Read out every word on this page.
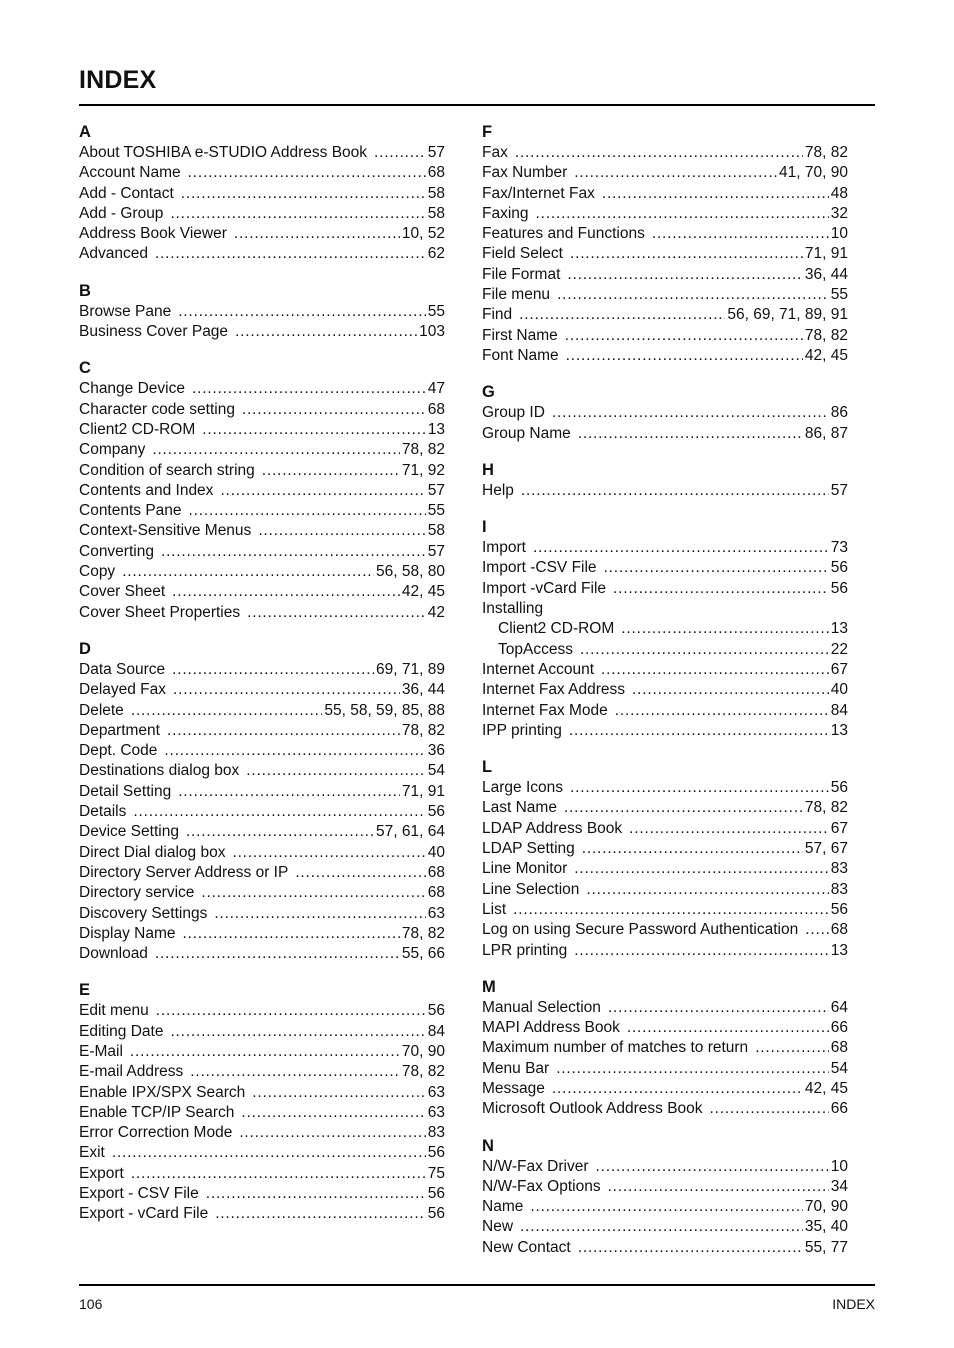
INDEX
A
About TOSHIBA e-STUDIO Address Book .....	57
Account Name .....	68
Add - Contact .....	58
Add - Group .....	58
Address Book Viewer .....	10, 52
Advanced .....	62
B
Browse Pane .....	55
Business Cover Page .....	103
C
Change Device .....	47
Character code setting .....	68
Client2 CD-ROM .....	13
Company .....	78, 82
Condition of search string .....	71, 92
Contents and Index .....	57
Contents Pane .....	55
Context-Sensitive Menus .....	58
Converting .....	57
Copy .....	56, 58, 80
Cover Sheet .....	42, 45
Cover Sheet Properties .....	42
D
Data Source .....	69, 71, 89
Delayed Fax .....	36, 44
Delete .....	55, 58, 59, 85, 88
Department .....	78, 82
Dept. Code .....	36
Destinations dialog box .....	54
Detail Setting .....	71, 91
Details .....	56
Device Setting .....	57, 61, 64
Direct Dial dialog box .....	40
Directory Server Address or IP .....	68
Directory service .....	68
Discovery Settings .....	63
Display Name .....	78, 82
Download .....	55, 66
E
Edit menu .....	56
Editing Date .....	84
E-Mail .....	70, 90
E-mail Address .....	78, 82
Enable IPX/SPX Search .....	63
Enable TCP/IP Search .....	63
Error Correction Mode .....	83
Exit .....	56
Export .....	75
Export - CSV File .....	56
Export - vCard File .....	56
F
Fax .....	78, 82
Fax Number .....	41, 70, 90
Fax/Internet Fax .....	48
Faxing .....	32
Features and Functions .....	10
Field Select .....	71, 91
File Format .....	36, 44
File menu .....	55
Find .....	56, 69, 71, 89, 91
First Name .....	78, 82
Font Name .....	42, 45
G
Group ID .....	86
Group Name .....	86, 87
H
Help .....	57
I
Import .....	73
Import -CSV File .....	56
Import -vCard File .....	56
Installing
Client2 CD-ROM .....	13
TopAccess .....	22
Internet Account .....	67
Internet Fax Address .....	40
Internet Fax Mode .....	84
IPP printing .....	13
L
Large Icons .....	56
Last Name .....	78, 82
LDAP Address Book .....	67
LDAP Setting .....	57, 67
Line Monitor .....	83
Line Selection .....	83
List .....	56
Log on using Secure Password Authentication ..... 68
LPR printing .....	13
M
Manual Selection .....	64
MAPI Address Book .....	66
Maximum number of matches to return .....	68
Menu Bar .....	54
Message .....	42, 45
Microsoft Outlook Address Book .....	66
N
N/W-Fax Driver .....	10
N/W-Fax Options .....	34
Name .....	70, 90
New .....	35, 40
New Contact .....	55, 77
106	INDEX
